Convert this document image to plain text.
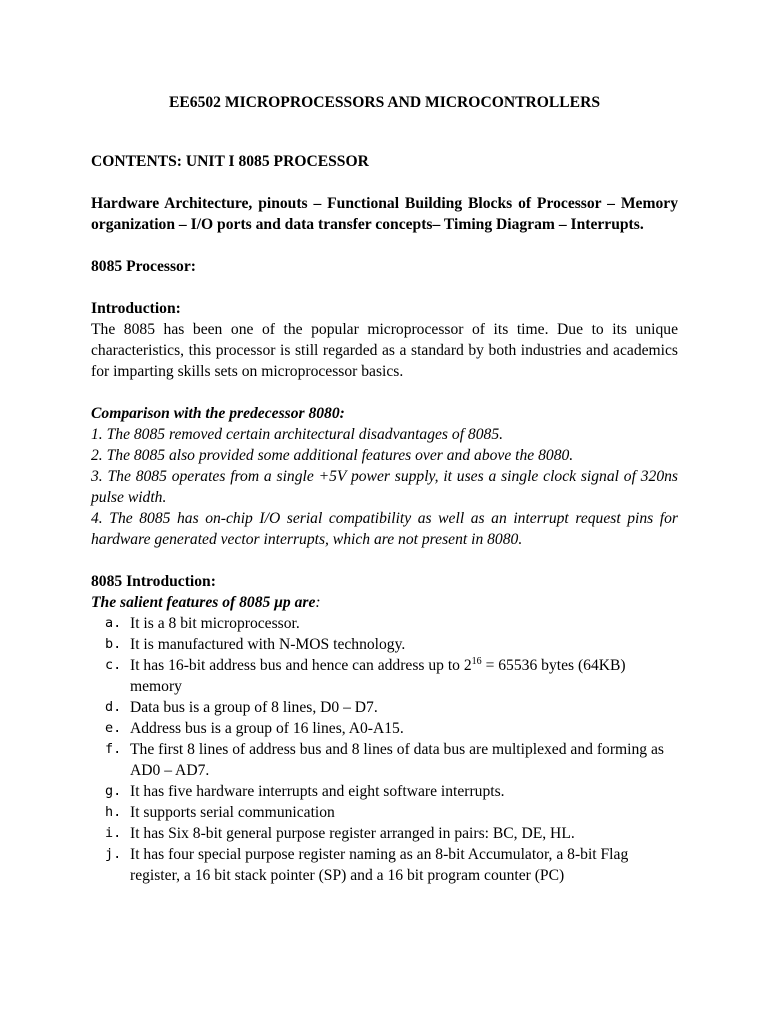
EE6502 MICROPROCESSORS AND MICROCONTROLLERS

CONTENTS: UNIT I 8085 PROCESSOR

Hardware Architecture, pinouts – Functional Building Blocks of Processor – Memory organization – I/O ports and data transfer concepts– Timing Diagram – Interrupts.

8085 Processor:

Introduction:

The 8085 has been one of the popular microprocessor of its time. Due to its unique characteristics, this processor is still regarded as a standard by both industries and academics for imparting skills sets on microprocessor basics.

Comparison with the predecessor 8080:

1. The 8085 removed certain architectural disadvantages of 8085.

2. The 8085 also provided some additional features over and above the 8080.

3. The 8085 operates from a single +5V power supply, it uses a single clock signal of 320ns pulse width.

4. The 8085 has on-chip I/O serial compatibility as well as an interrupt request pins for hardware generated vector interrupts, which are not present in 8080.

8085 Introduction:

The salient features of 8085 μp are:

a. It is a 8 bit microprocessor.
b. It is manufactured with N-MOS technology.
c. It has 16-bit address bus and hence can address up to $2^{16} = 65536$ bytes (64KB) memory
d. Data bus is a group of 8 lines, D0 – D7.
e. Address bus is a group of 16 lines, A0-A15.
f. The first 8 lines of address bus and 8 lines of data bus are multiplexed and forming as AD0 – AD7.
g. It has five hardware interrupts and eight software interrupts.
h. It supports serial communication
i. It has Six 8-bit general purpose register arranged in pairs: BC, DE, HL.
j. It has four special purpose register naming as an 8-bit Accumulator, a 8-bit Flag register, a 16 bit stack pointer (SP) and a 16 bit program counter (PC)
